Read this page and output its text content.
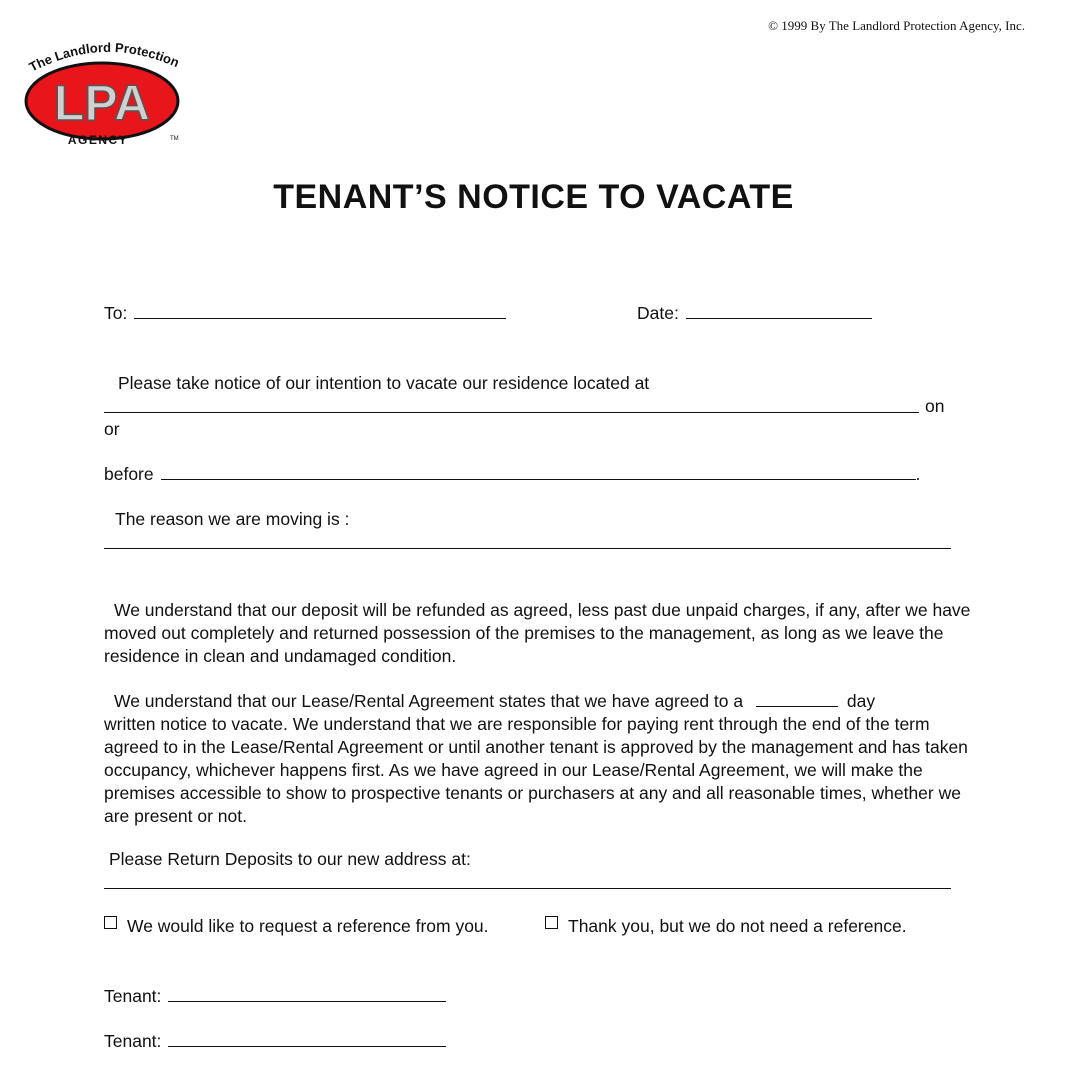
© 1999 By The Landlord Protection Agency, Inc.
LPA
The Landlord Protection
AGENCY	TM
TENANT’S NOTICE TO VACATE
To:	Date:
Please take notice of our intention to vacate our residence located at
on
or
before	.
The reason we are moving is :
We understand that our deposit will be refunded as agreed, less past due unpaid charges, if any, after we have moved out completely and returned possession of the premises to the management, as long as we leave the residence in clean and undamaged condition.
We understand that our Lease/Rental Agreement states that we have agreed to a	day
written notice to vacate. We understand that we are responsible for paying rent through the end of the term agreed to in the Lease/Rental Agreement or until another tenant is approved by the management and has taken occupancy, whichever happens first. As we have agreed in our Lease/Rental Agreement, we will make the premises accessible to show to prospective tenants or purchasers at any and all reasonable times, whether we are present or not.
Please Return Deposits to our new address at:
We would like to request a reference from you.	Thank you, but we do not need a reference.
Tenant:
Tenant:
